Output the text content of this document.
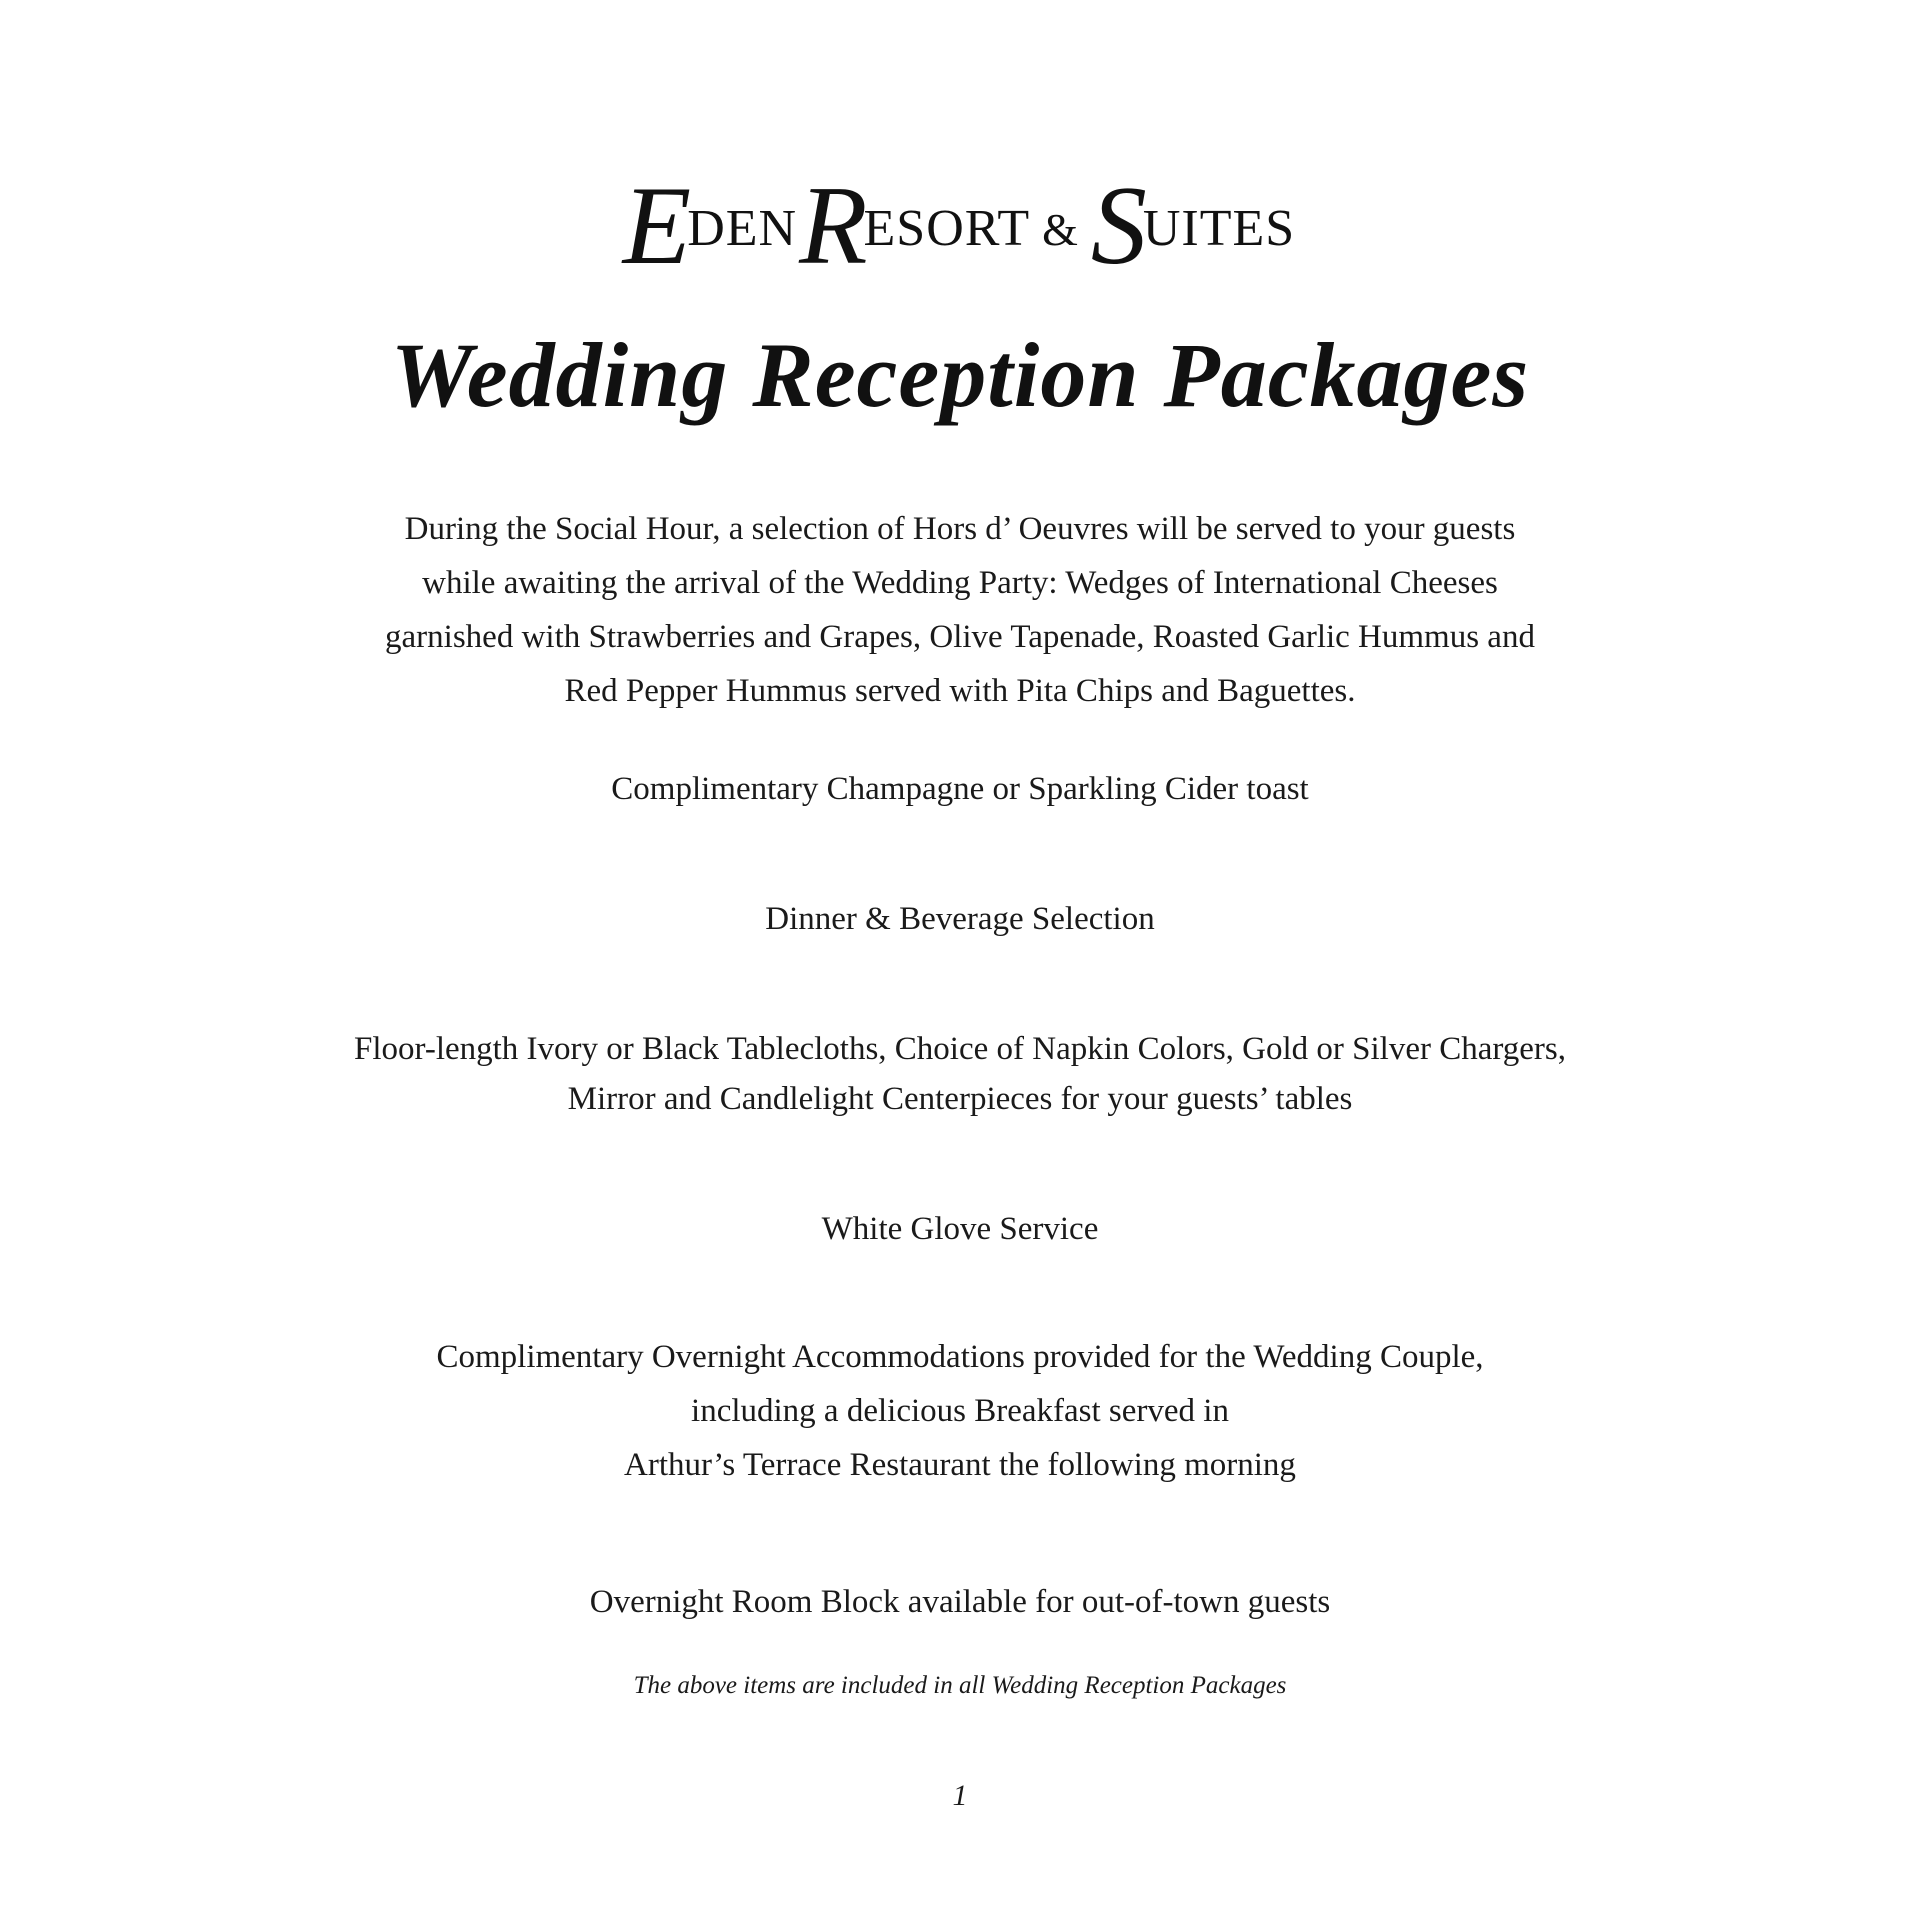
EDENRESORT & SUITES
Wedding Reception Packages
During the Social Hour, a selection of Hors d’ Oeuvres will be served to your guests
while awaiting the arrival of the Wedding Party: Wedges of International Cheeses
garnished with Strawberries and Grapes, Olive Tapenade, Roasted Garlic Hummus and
Red Pepper Hummus served with Pita Chips and Baguettes.
Complimentary Champagne or Sparkling Cider toast
Dinner & Beverage Selection
Floor-length Ivory or Black Tablecloths, Choice of Napkin Colors, Gold or Silver Chargers,
Mirror and Candlelight Centerpieces for your guests’ tables
White Glove Service
Complimentary Overnight Accommodations provided for the Wedding Couple,
including a delicious Breakfast served in
Arthur’s Terrace Restaurant the following morning
Overnight Room Block available for out-of-town guests
The above items are included in all Wedding Reception Packages
1
